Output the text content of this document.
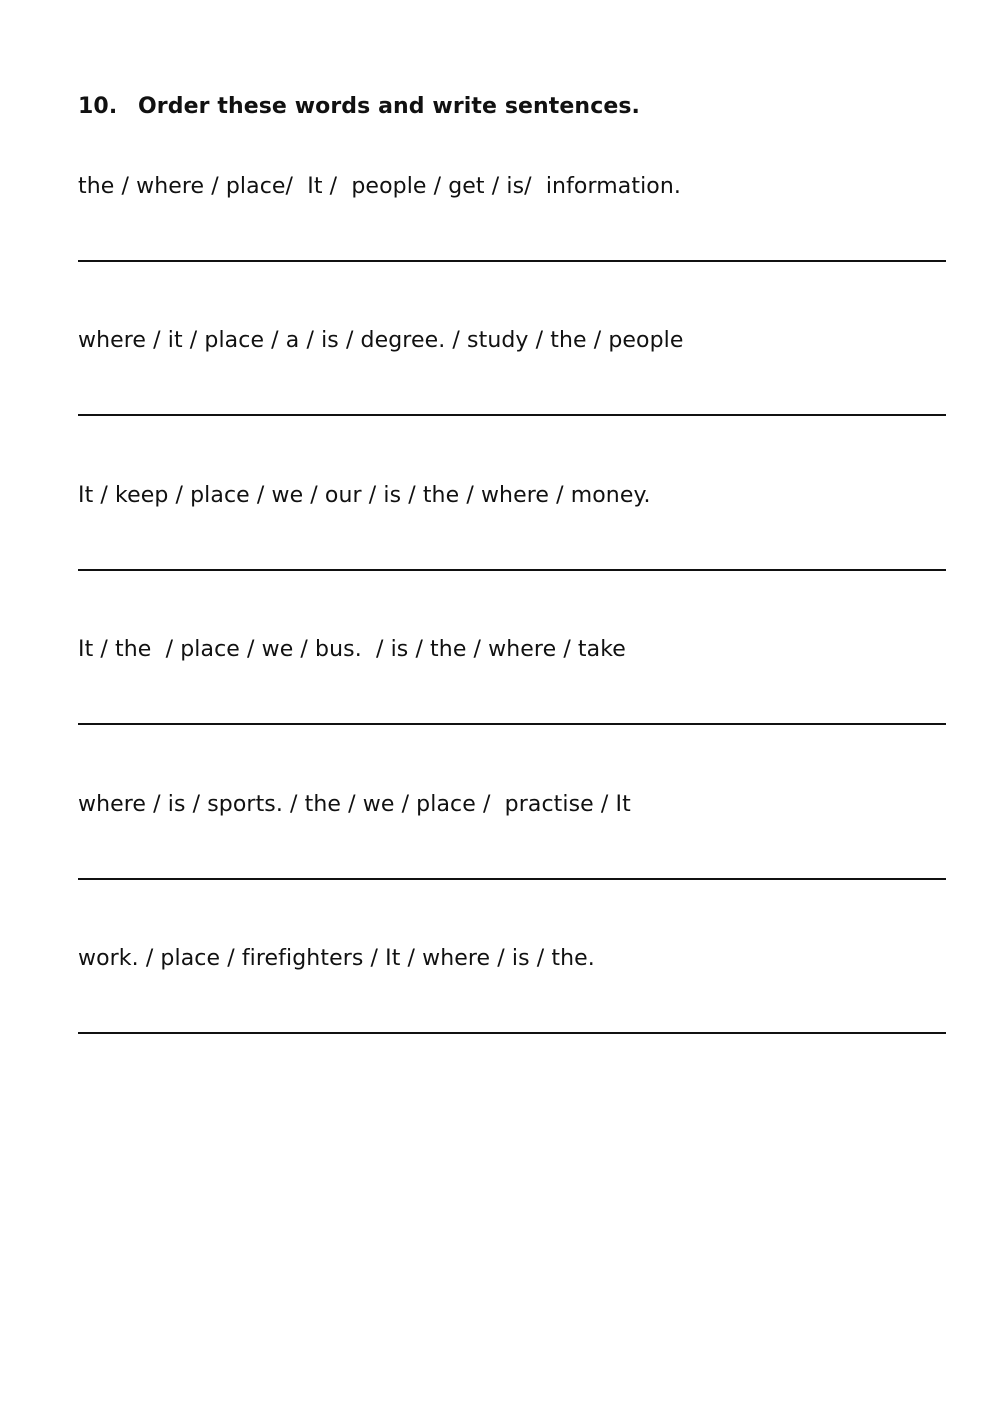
10. Order these words and write sentences.
the / where / place/  It /  people / get / is/  information.
where / it / place / a / is / degree. / study / the / people
It / keep / place / we / our / is / the / where / money.
It / the  / place / we / bus.  / is / the / where / take
where / is / sports. / the / we / place /  practise / It
work. / place / firefighters / It / where / is / the.
